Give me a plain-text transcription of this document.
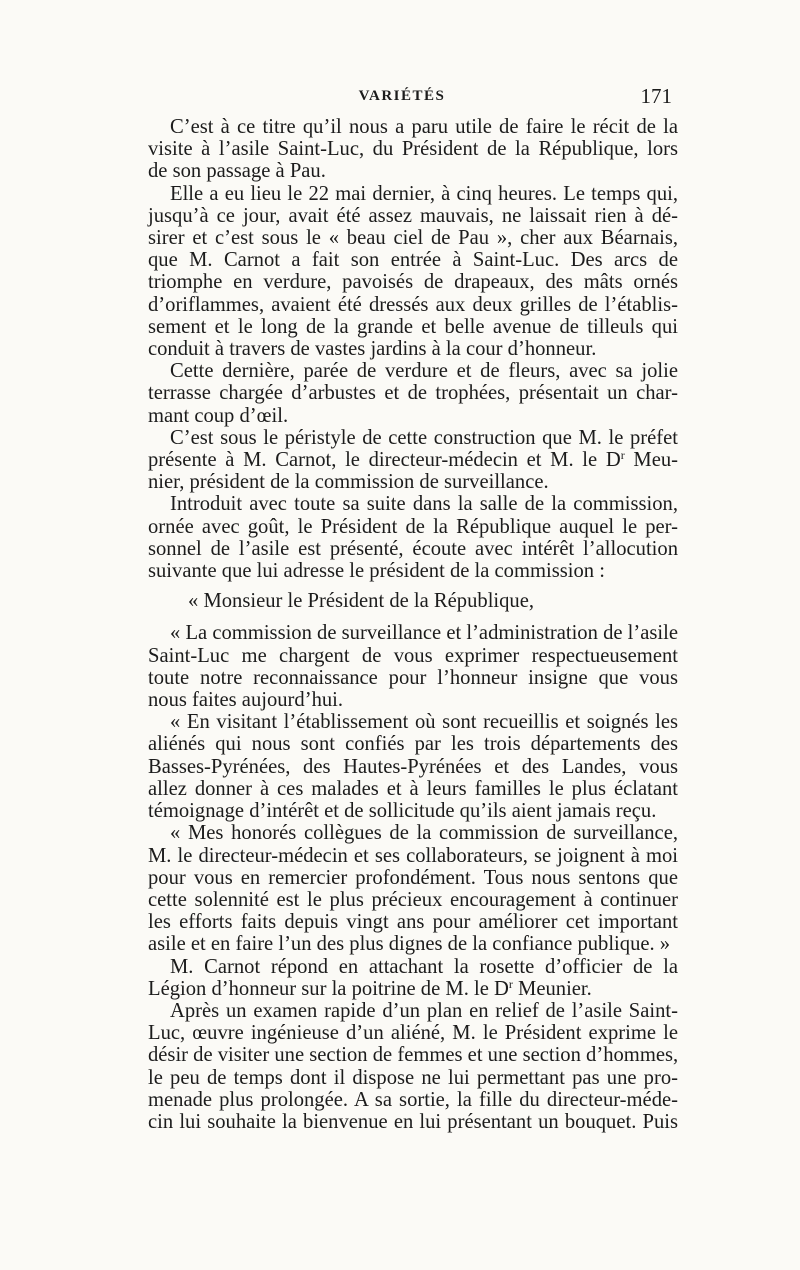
VARIÉTÉS	171
C’est à ce titre qu’il nous a paru utile de faire le récit de la
visite à l’asile Saint-Luc, du Président de la République, lors
de son passage à Pau.
Elle a eu lieu le 22 mai dernier, à cinq heures. Le temps qui,
jusqu’à ce jour, avait été assez mauvais, ne laissait rien à dé-
sirer et c’est sous le « beau ciel de Pau », cher aux Béarnais,
que M. Carnot a fait son entrée à Saint-Luc. Des arcs de
triomphe en verdure, pavoisés de drapeaux, des mâts ornés
d’oriflammes, avaient été dressés aux deux grilles de l’établis-
sement et le long de la grande et belle avenue de tilleuls qui
conduit à travers de vastes jardins à la cour d’honneur.
Cette dernière, parée de verdure et de fleurs, avec sa jolie
terrasse chargée d’arbustes et de trophées, présentait un char-
mant coup d’œil.
C’est sous le péristyle de cette construction que M. le préfet
présente à M. Carnot, le directeur-médecin et M. le $D^r$ Meu-
nier, président de la commission de surveillance.
Introduit avec toute sa suite dans la salle de la commission,
ornée avec goût, le Président de la République auquel le per-
sonnel de l’asile est présenté, écoute avec intérêt l’allocution
suivante que lui adresse le président de la commission :
« Monsieur le Président de la République,
« La commission de surveillance et l’administration de l’asile
Saint-Luc me chargent de vous exprimer respectueusement
toute notre reconnaissance pour l’honneur insigne que vous
nous faites aujourd’hui.
« En visitant l’établissement où sont recueillis et soignés les
aliénés qui nous sont confiés par les trois départements des
Basses-Pyrénées, des Hautes-Pyrénées et des Landes, vous
allez donner à ces malades et à leurs familles le plus éclatant
témoignage d’intérêt et de sollicitude qu’ils aient jamais reçu.
« Mes honorés collègues de la commission de surveillance,
M. le directeur-médecin et ses collaborateurs, se joignent à moi
pour vous en remercier profondément. Tous nous sentons que
cette solennité est le plus précieux encouragement à continuer
les efforts faits depuis vingt ans pour améliorer cet important
asile et en faire l’un des plus dignes de la confiance publique. »
M. Carnot répond en attachant la rosette d’officier de la
Légion d’honneur sur la poitrine de M. le $D^r$ Meunier.
Après un examen rapide d’un plan en relief de l’asile Saint-
Luc, œuvre ingénieuse d’un aliéné, M. le Président exprime le
désir de visiter une section de femmes et une section d’hommes,
le peu de temps dont il dispose ne lui permettant pas une pro-
menade plus prolongée. A sa sortie, la fille du directeur-méde-
cin lui souhaite la bienvenue en lui présentant un bouquet. Puis
